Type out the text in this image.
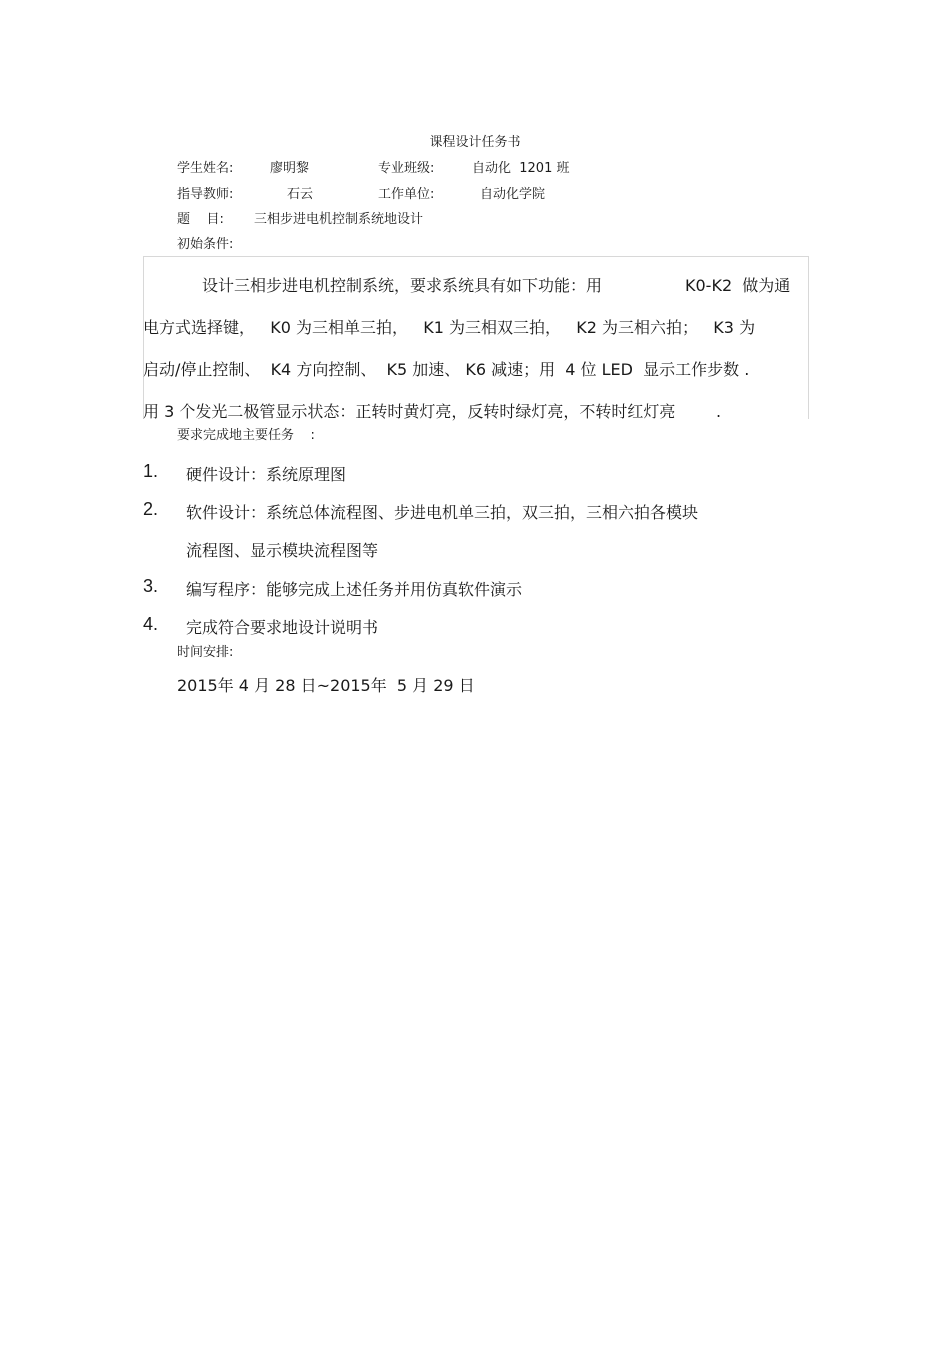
课程设计任务书
学生姓名:	廖明黎	专业班级:	自动化  1201 班
指导教师:	石云	工作单位:	自动化学院
题    目: 三相步进电机控制系统地设计
初始条件:
设计三相步进电机控制系统，要求系统具有如下功能：用	K0-K2  做为通
电方式选择键，   K0 为三相单三拍，   K1 为三相双三拍，   K2 为三相六拍；   K3 为
启动/停止控制、  K4 方向控制、  K5 加速、 K6 减速；用  4 位 LED  显示工作步数 .
用 3 个发光二极管显示状态：正转时黄灯亮，反转时绿灯亮，不转时红灯亮        .
要求完成地主要任务    :
1. 硬件设计：系统原理图
2. 软件设计：系统总体流程图、步进电机单三拍，双三拍，三相六拍各模块
流程图、显示模块流程图等
3. 编写程序：能够完成上述任务并用仿真软件演示
4. 完成符合要求地设计说明书
时间安排:
2015年 4 月 28 日~2015年  5 月 29 日
